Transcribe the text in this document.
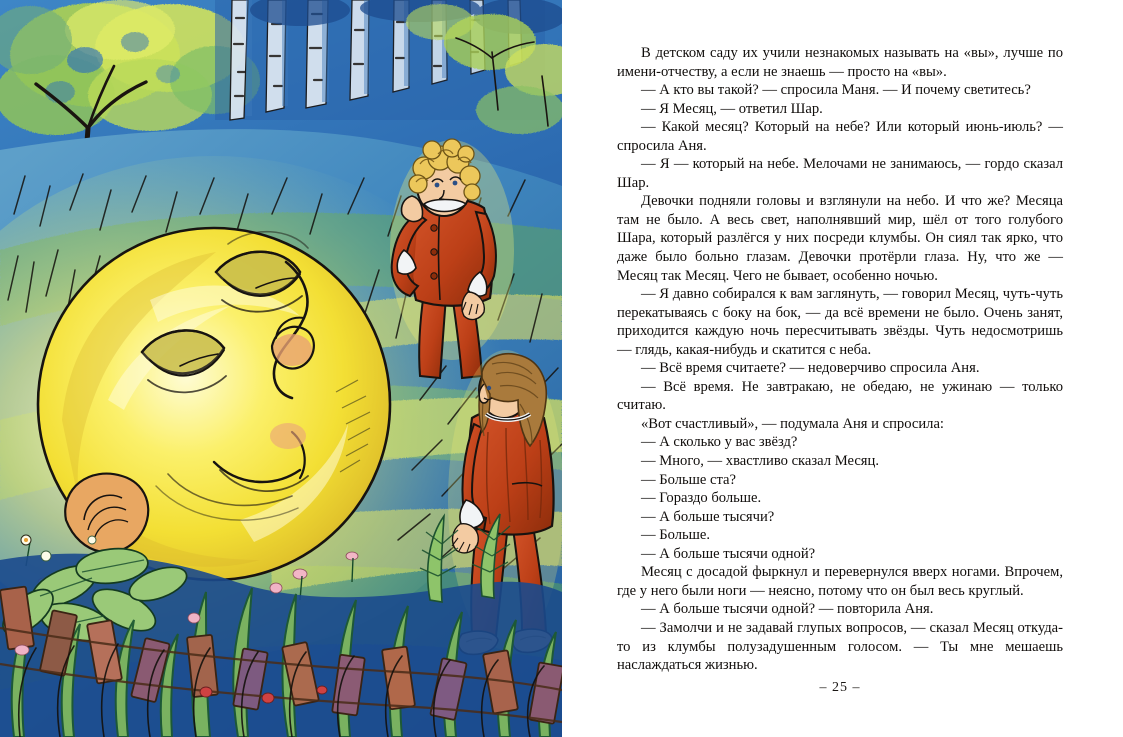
В детском саду их учили незнакомых называть на «вы», лучше по имени-отчеству, а если не знаешь — просто на «вы».

— А кто вы такой? — спросила Маня. — И почему светитесь?

— Я Месяц, — ответил Шар.

— Какой месяц? Который на небе? Или который июнь-июль? — спросила Аня.

— Я — который на небе. Мелочами не занимаюсь, — гордо сказал Шар.

Девочки подняли головы и взглянули на небо. И что же? Месяца там не было. А весь свет, наполнявший мир, шёл от того голубого Шара, который разлёгся у них посреди клумбы. Он сиял так ярко, что даже было больно глазам. Девочки протёрли глаза. Ну, что же — Месяц так Месяц. Чего не бывает, особенно ночью.

— Я давно собирался к вам заглянуть, — говорил Месяц, чуть-чуть перекатываясь с боку на бок, — да всё времени не было. Очень занят, приходится каждую ночь пересчитывать звёзды. Чуть недосмотришь — глядь, какая-нибудь и скатится с неба.

— Всё время считаете? — недоверчиво спросила Аня.

— Всё время. Не завтракаю, не обедаю, не ужинаю — только считаю.

«Вот счастливый», — подумала Аня и спросила:

— А сколько у вас звёзд?

— Много, — хвастливо сказал Месяц.

— Больше ста?

— Гораздо больше.

— А больше тысячи?

— Больше.

— А больше тысячи одной?

Месяц с досадой фыркнул и перевернулся вверх ногами. Впрочем, где у него были ноги — неясно, потому что он был весь круглый.

— А больше тысячи одной? — повторила Аня.

— Замолчи и не задавай глупых вопросов, — сказал Месяц откуда-то из клумбы полузадушенным голосом. — Ты мне мешаешь наслаждаться жизнью.

– 25 –
